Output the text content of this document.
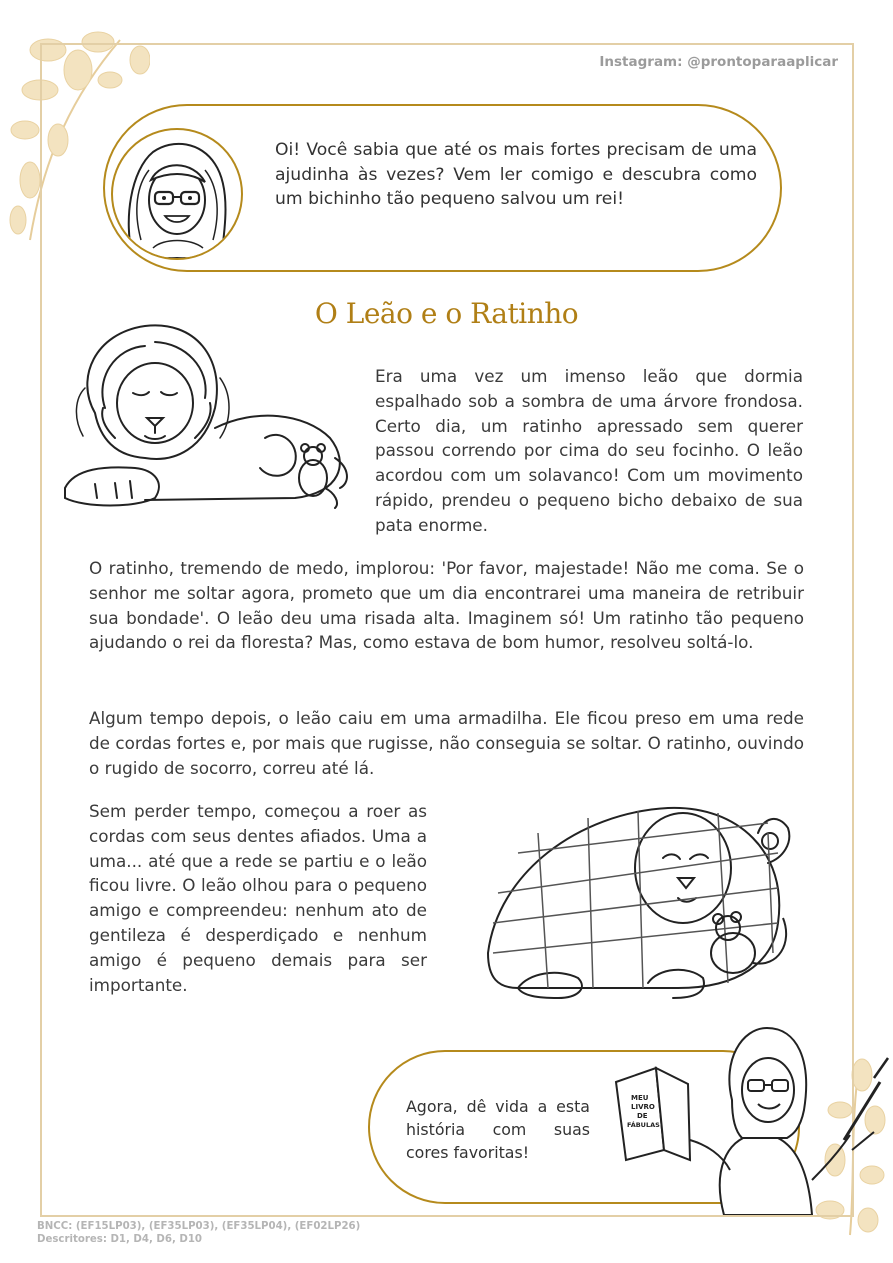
Instagram: @prontoparaaplicar
Oi! Você sabia que até os mais fortes precisam de uma ajudinha às vezes? Vem ler comigo e descubra como um bichinho tão pequeno salvou um rei!
O Leão e o Ratinho

Era uma vez um imenso leão que dormia espalhado sob a sombra de uma árvore frondosa. Certo dia, um ratinho apressado sem querer passou correndo por cima do seu focinho. O leão acordou com um solavanco! Com um movimento rápido, prendeu o pequeno bicho debaixo de sua pata enorme.

O ratinho, tremendo de medo, implorou: 'Por favor, majestade! Não me coma. Se o senhor me soltar agora, prometo que um dia encontrarei uma maneira de retribuir sua bondade'. O leão deu uma risada alta. Imaginem só! Um ratinho tão pequeno ajudando o rei da floresta? Mas, como estava de bom humor, resolveu soltá-lo.

Algum tempo depois, o leão caiu em uma armadilha. Ele ficou preso em uma rede de cordas fortes e, por mais que rugisse, não conseguia se soltar. O ratinho, ouvindo o rugido de socorro, correu até lá.

Sem perder tempo, começou a roer as cordas com seus dentes afiados. Uma a uma... até que a rede se partiu e o leão ficou livre. O leão olhou para o pequeno amigo e compreendeu: nenhum ato de gentileza é desperdiçado e nenhum amigo é pequeno demais para ser importante.

Agora, dê vida a esta história com suas cores favoritas!
MEU
LIVRO
DE
FÁBULAS
BNCC: (EF15LP03), (EF35LP03), (EF35LP04), (EF02LP26)
Descritores: D1, D4, D6, D10
